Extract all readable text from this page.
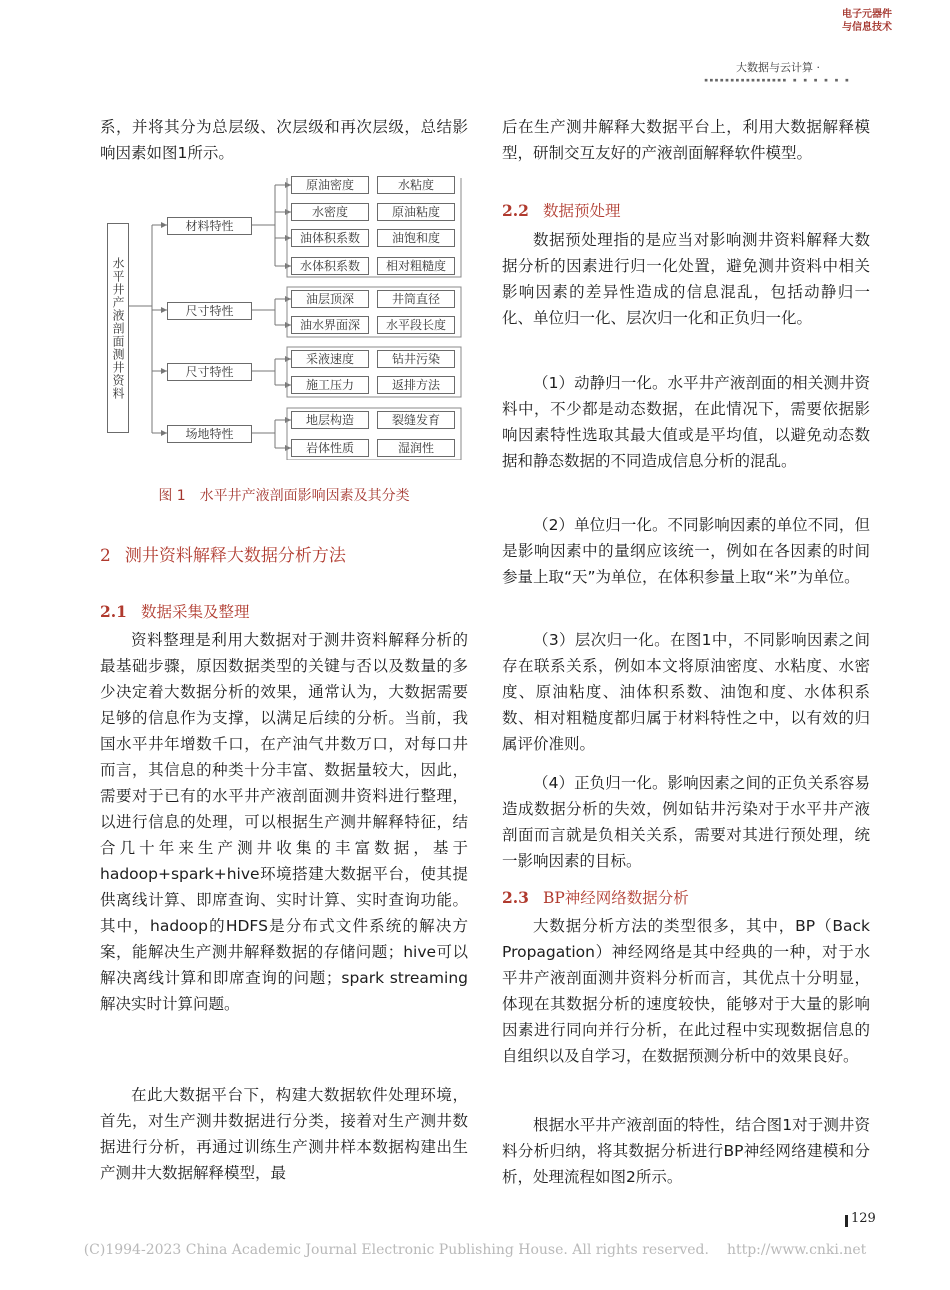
电子元器件
与信息技术
大数据与云计算 ·
▪▪▪▪▪▪▪▪▪▪▪▪▪▪▪▪ ▪ ▪ ▪ ▪ ▪ ▪

系，并将其分为总层级、次层级和再次层级，总结影响因素如图1所示。

2 测井资料解释大数据分析方法
2.1 数据采集及整理

资料整理是利用大数据对于测井资料解释分析的最基础步骤，原因数据类型的关键与否以及数量的多少决定着大数据分析的效果，通常认为，大数据需要足够的信息作为支撑，以满足后续的分析。当前，我国水平井年增数千口，在产油气井数万口，对每口井而言，其信息的种类十分丰富、数据量较大，因此，需要对于已有的水平井产液剖面测井资料进行整理，以进行信息的处理，可以根据生产测井解释特征，结合几十年来生产测井收集的丰富数据，基于hadoop+spark+hive环境搭建大数据平台，使其提供离线计算、即席查询、实时计算、实时查询功能。其中，hadoop的HDFS是分布式文件系统的解决方案，能解决生产测井解释数据的存储问题；hive可以解决离线计算和即席查询的问题；spark streaming解决实时计算问题。

在此大数据平台下，构建大数据软件处理环境，首先，对生产测井数据进行分类，接着对生产测井数据进行分析，再通过训练生产测井样本数据构建出生产测井大数据解释模型，最

水平井产液剖面测井资料
材料特性
尺寸特性
尺寸特性
场地特性
原油密度	水粘度
水密度	原油粘度
油体积系数	油饱和度
水体积系数	相对粗糙度
油层顶深	井筒直径
油水界面深	水平段长度
采液速度	钻井污染
施工压力	返排方法
地层构造	裂缝发育
岩体性质	湿润性
图 1 水平井产液剖面影响因素及其分类

后在生产测井解释大数据平台上，利用大数据解释模型，研制交互友好的产液剖面解释软件模型。

2.2 数据预处理

数据预处理指的是应当对影响测井资料解释大数据分析的因素进行归一化处置，避免测井资料中相关影响因素的差异性造成的信息混乱，包括动静归一化、单位归一化、层次归一化和正负归一化。

（1）动静归一化。水平井产液剖面的相关测井资料中，不少都是动态数据，在此情况下，需要依据影响因素特性选取其最大值或是平均值，以避免动态数据和静态数据的不同造成信息分析的混乱。

（2）单位归一化。不同影响因素的单位不同，但是影响因素中的量纲应该统一，例如在各因素的时间参量上取“天”为单位，在体积参量上取“米”为单位。

（3）层次归一化。在图1中，不同影响因素之间存在联系关系，例如本文将原油密度、水粘度、水密度、原油粘度、油体积系数、油饱和度、水体积系数、相对粗糙度都归属于材料特性之中，以有效的归属评价准则。

（4）正负归一化。影响因素之间的正负关系容易造成数据分析的失效，例如钻井污染对于水平井产液剖面而言就是负相关关系，需要对其进行预处理，统一影响因素的目标。

2.3 BP神经网络数据分析

大数据分析方法的类型很多，其中，BP（Back Propagation）神经网络是其中经典的一种，对于水平井产液剖面测井资料分析而言，其优点十分明显，体现在其数据分析的速度较快，能够对于大量的影响因素进行同向并行分析，在此过程中实现数据信息的自组织以及自学习，在数据预测分析中的效果良好。

根据水平井产液剖面的特性，结合图1对于测井资料分析归纳，将其数据分析进行BP神经网络建模和分析，处理流程如图2所示。

129
(C)1994-2023 China Academic Journal Electronic Publishing House. All rights reserved. http://www.cnki.net
